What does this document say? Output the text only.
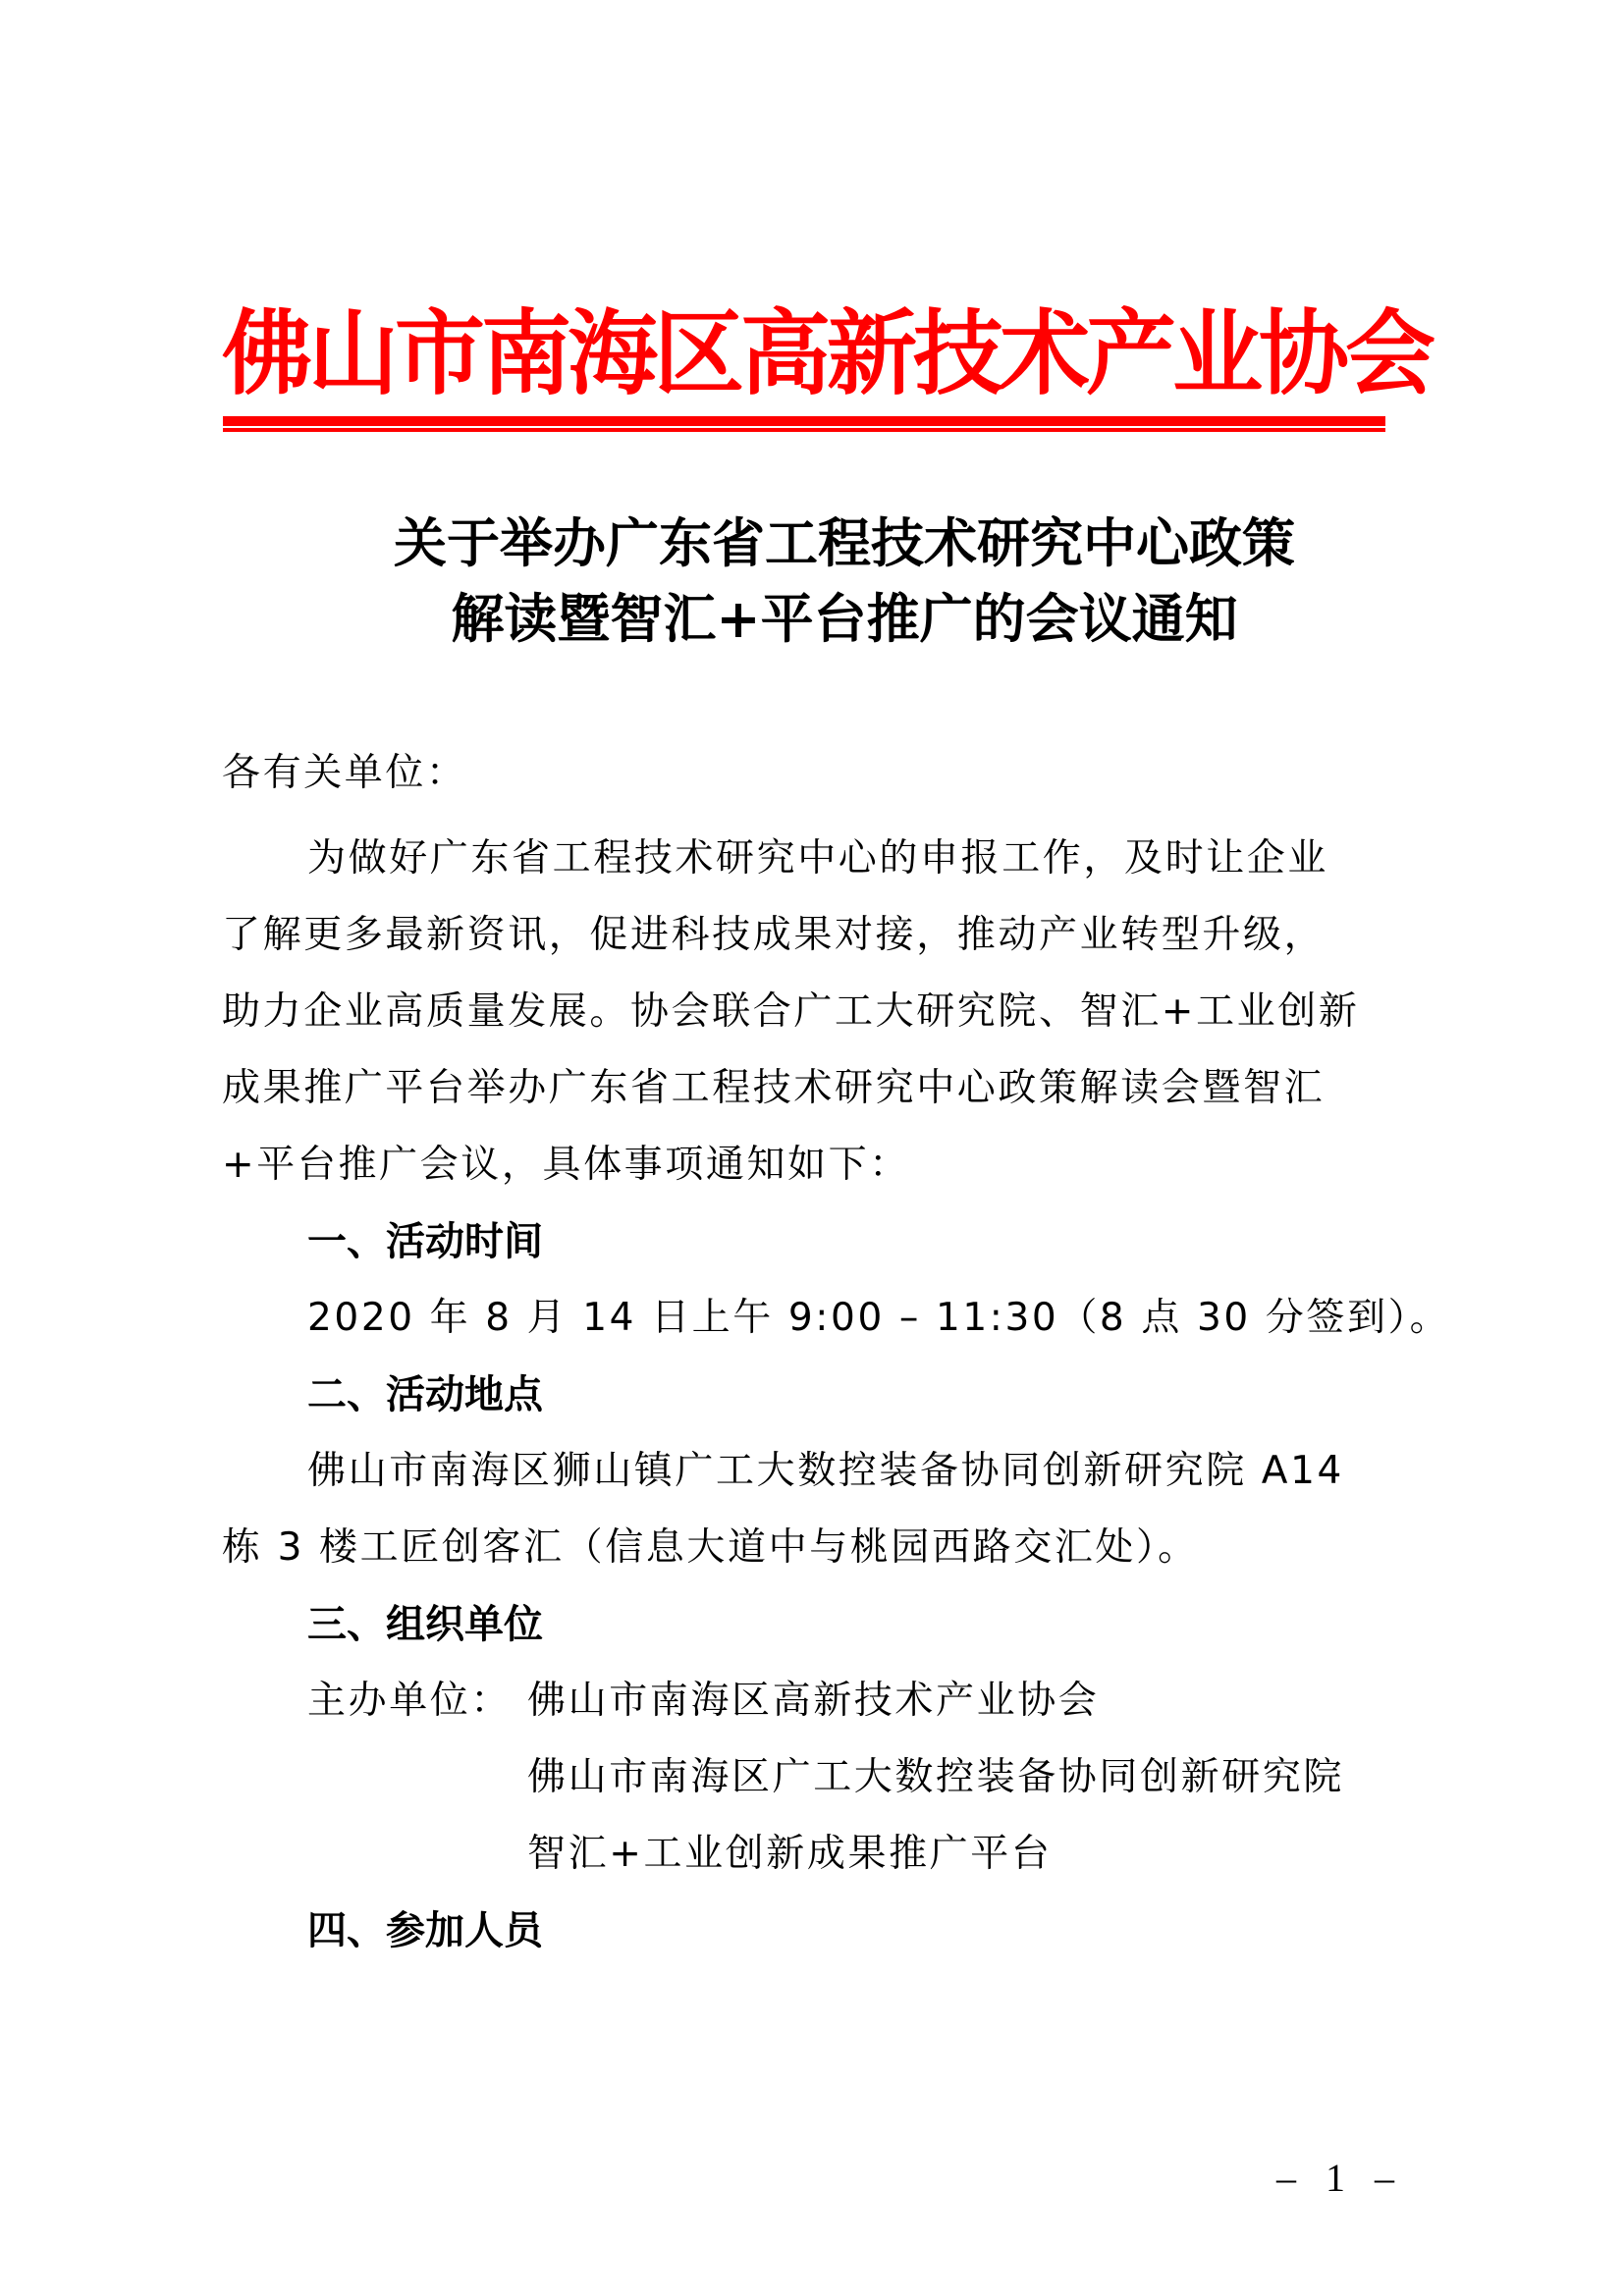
佛山市南海区高新技术产业协会
关于举办广东省工程技术研究中心政策
解读暨智汇+平台推广的会议通知
各有关单位：
为做好广东省工程技术研究中心的申报工作，及时让企业
了解更多最新资讯，促进科技成果对接，推动产业转型升级，
助力企业高质量发展。协会联合广工大研究院、智汇+工业创新
成果推广平台举办广东省工程技术研究中心政策解读会暨智汇
+平台推广会议，具体事项通知如下：
一、活动时间
2020 年 8 月 14 日上午 9:00 – 11:30（8 点 30 分签到）。
二、活动地点
佛山市南海区狮山镇广工大数控装备协同创新研究院 A14
栋 3 楼工匠创客汇（信息大道中与桃园西路交汇处）。
三、组织单位
主办单位： 佛山市南海区高新技术产业协会
佛山市南海区广工大数控装备协同创新研究院
智汇+工业创新成果推广平台
四、参加人员
– 1 –
